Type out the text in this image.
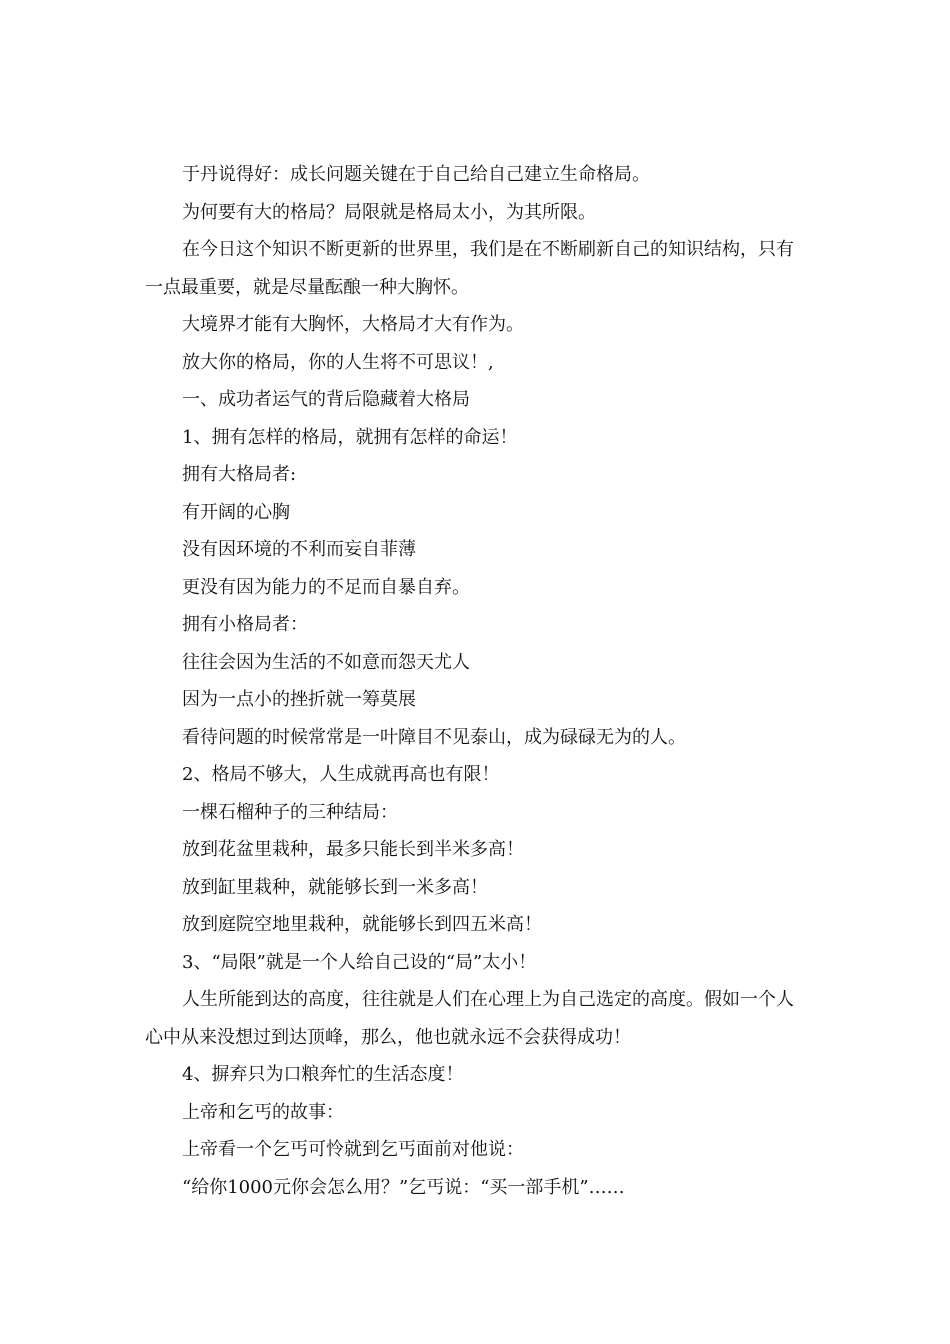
于丹说得好：成长问题关键在于自己给自己建立生命格局。

为何要有大的格局？局限就是格局太小，为其所限。

在今日这个知识不断更新的世界里，我们是在不断刷新自己的知识结构，只有一点最重要，就是尽量酝酿一种大胸怀。

大境界才能有大胸怀，大格局才大有作为。

放大你的格局，你的人生将不可思议！,

一、成功者运气的背后隐藏着大格局

1、拥有怎样的格局，就拥有怎样的命运！

拥有大格局者:

有开阔的心胸

没有因环境的不利而妄自菲薄

更没有因为能力的不足而自暴自弃。

拥有小格局者：

往往会因为生活的不如意而怨天尤人

因为一点小的挫折就一筹莫展

看待问题的时候常常是一叶障目不见泰山，成为碌碌无为的人。

2、格局不够大，人生成就再高也有限！

一棵石榴种子的三种结局：

放到花盆里栽种，最多只能长到半米多高！

放到缸里栽种，就能够长到一米多高！

放到庭院空地里栽种，就能够长到四五米高！

3、“局限”就是一个人给自己设的“局”太小！

人生所能到达的高度，往往就是人们在心理上为自己选定的高度。假如一个人心中从来没想过到达顶峰，那么，他也就永远不会获得成功！

4、摒弃只为口粮奔忙的生活态度！

上帝和乞丐的故事：

上帝看一个乞丐可怜就到乞丐面前对他说：

“给你1000元你会怎么用？”乞丐说：“买一部手机”……
